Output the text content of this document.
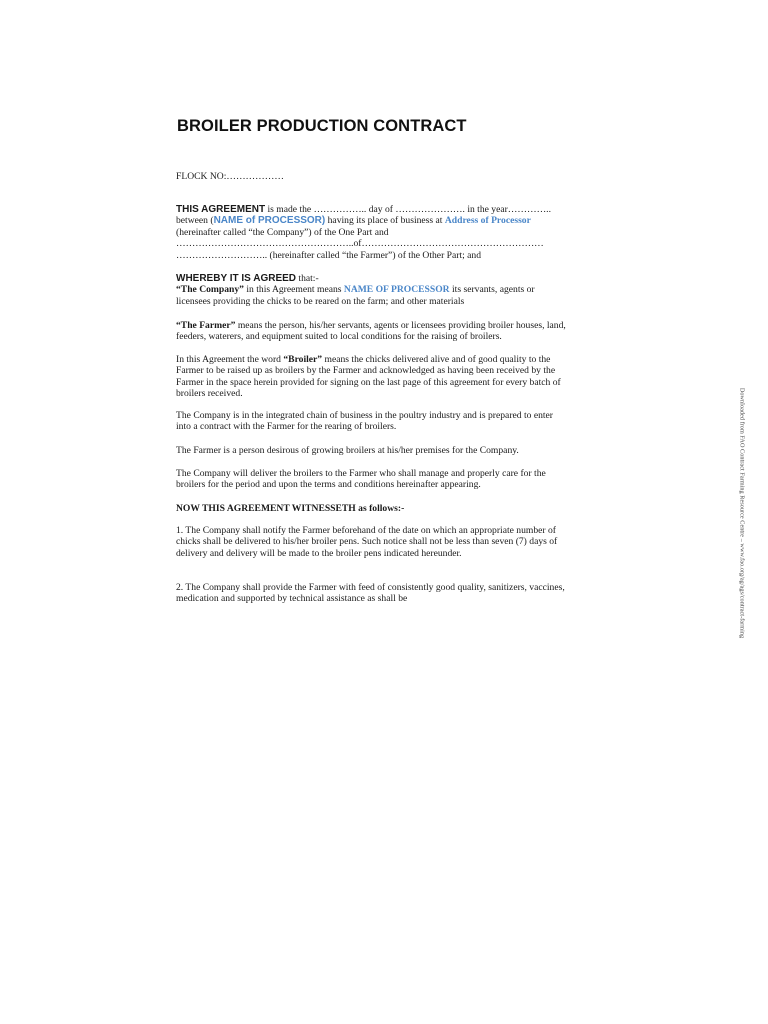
BROILER PRODUCTION CONTRACT
FLOCK NO:………………
THIS AGREEMENT is made the …………….. day of …………………. in the year…………..
between (NAME of PROCESSOR) having its place of business at Address of Processor
(hereinafter called “the Company”) of the One Part and
………………………………………………..of…………………………………………………
……………………….. (hereinafter called “the Farmer”) of the Other Part; and
WHEREBY IT IS AGREED that:-
“The Company” in this Agreement means NAME OF PROCESSOR its servants, agents or
licensees providing the chicks to be reared on the farm; and other materials
“The Farmer” means the person, his/her servants, agents or licensees providing broiler houses, land,
feeders, waterers, and equipment suited to local conditions for the raising of broilers.
In this Agreement the word “Broiler” means the chicks delivered alive and of good quality to the
Farmer to be raised up as broilers by the Farmer and acknowledged as having been received by the
Farmer in the space herein provided for signing on the last page of this agreement for every batch of
broilers received.
The Company is in the integrated chain of business in the poultry industry and is prepared to enter
into a contract with the Farmer for the rearing of broilers.
The Farmer is a person desirous of growing broilers at his/her premises for the Company.
The Company will deliver the broilers to the Farmer who shall manage and properly care for the
broilers for the period and upon the terms and conditions hereinafter appearing.
NOW THIS AGREEMENT WITNESSETH as follows:-
1. The Company shall notify the Farmer beforehand of the date on which an appropriate number of
chicks shall be delivered to his/her broiler pens. Such notice shall not be less than seven (7) days of
delivery and delivery will be made to the broiler pens indicated hereunder.
2. The Company shall provide the Farmer with feed of consistently good quality, sanitizers, vaccines,
medication and supported by technical assistance as shall be	Downloaded from FAO Contract Farming Resource Centre – www.fao.org/ag/ags/contract-farming
